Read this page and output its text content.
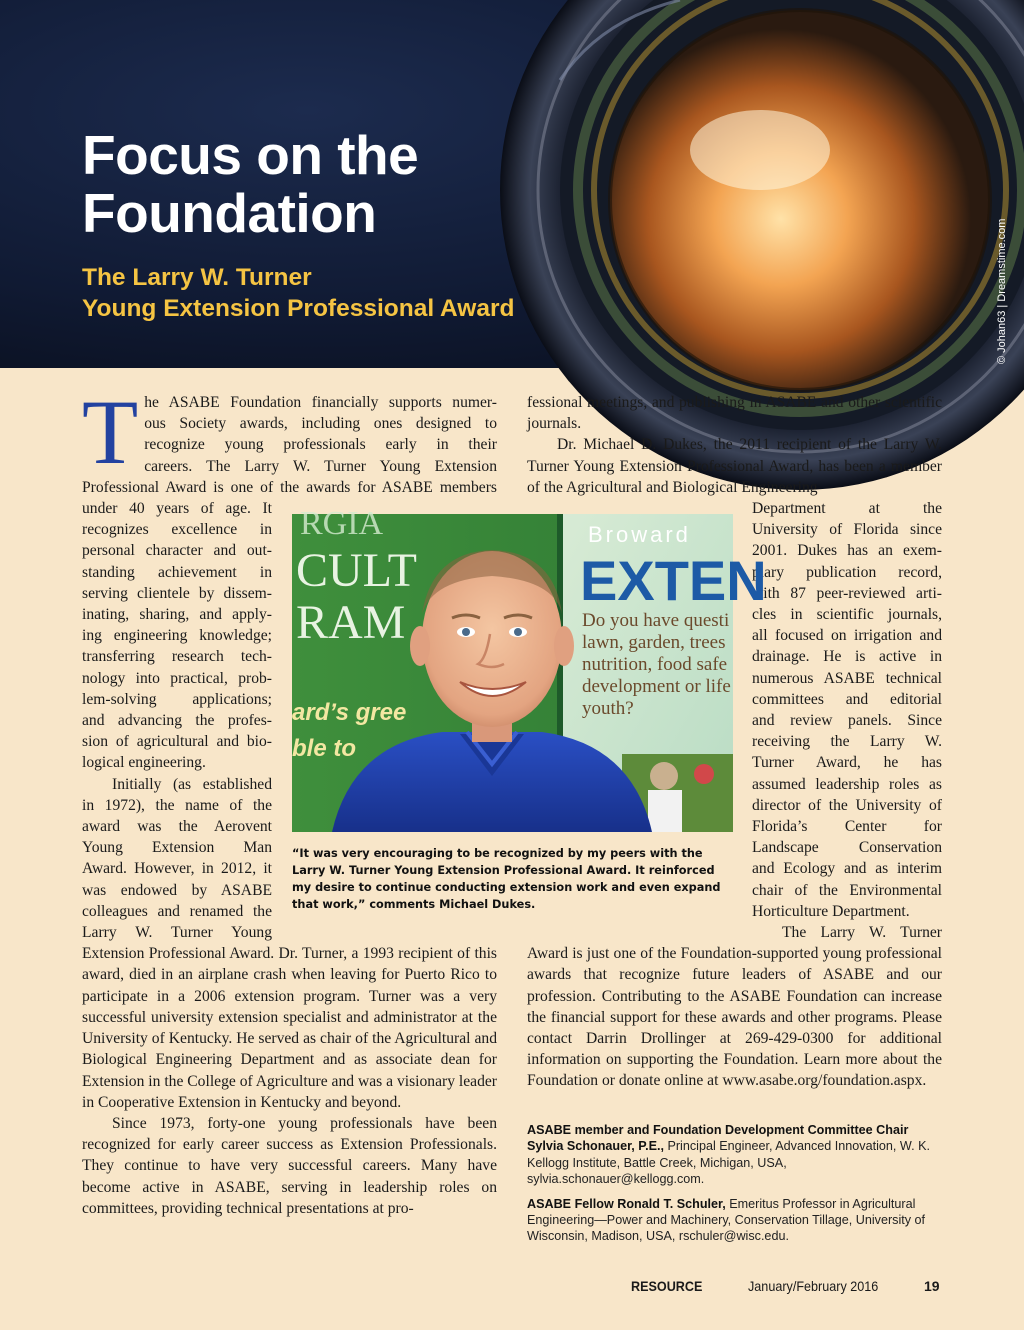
Focus on the
Foundation
The Larry W. Turner
Young Extension Professional Award	© Johan63 | Dreamstime.com
T he ASABE Foundation financially supports numer-
ous Society awards, including ones designed to
recognize young professionals early in their
careers. The Larry W. Turner Young Extension
Professional Award is one of the awards for ASABE members
under 40 years of age. It
recognizes excellence in
personal character and out-
standing achievement in
serving clientele by dissem-
inating, sharing, and apply-
ing engineering knowledge;
transferring research tech-
nology into practical, prob-
lem-solving applications;
and advancing the profes-
sion of agricultural and bio-
logical engineering.
Initially (as established
in 1972), the name of the
award was the Aerovent
Young Extension Man
Award. However, in 2012, it
was endowed by ASABE
colleagues and renamed the
Larry W. Turner Young

Extension Professional Award. Dr. Turner, a 1993 recipient of this award, died in an airplane crash when leaving for Puerto Rico to participate in a 2006 extension program. Turner was a very successful university extension specialist and administrator at the University of Kentucky. He served as chair of the Agricultural and Biological Engineering Department and as associate dean for Extension in the College of Agriculture and was a visionary leader in Cooperative Extension in Kentucky and beyond.

Since 1973, forty-one young professionals have been recognized for early career success as Extension Professionals. They continue to have very successful careers. Many have become active in ASABE, serving in leadership roles on committees, providing technical presentations at pro-

fessional meetings, and publishing in ASABE and other scientific journals.

Dr. Michael D. Dukes, the 2011 recipient of the Larry W. Turner Young Extension Professional Award, has been a member of the Agricultural and Biological Engineering

Department at the
University of Florida since
2001. Dukes has an exem-
plary publication record,
with 87 peer-reviewed arti-
cles in scientific journals,
all focused on irrigation and
drainage. He is active in
numerous ASABE technical
committees and editorial
and review panels. Since
receiving the Larry W.
Turner Award, he has
assumed leadership roles as
director of the University of
Florida’s Center for
Landscape Conservation
and Ecology and as interim
chair of the Environmental
Horticulture Department.
The Larry W. Turner

Award is just one of the Foundation-supported young professional awards that recognize future leaders of ASABE and our profession. Contributing to the ASABE Foundation can increase the financial support for these awards and other programs. Please contact Darrin Drollinger at 269-429-0300 for additional information on supporting the Foundation. Learn more about the Foundation or donate online at www.asabe.org/foundation.aspx.

RGIA
CULT
RAM
ard’s gree
ble to
Broward
EXTEN
Do you have questi
lawn, garden, trees
nutrition, food safe
development or life
youth?

“It was very encouraging to be recognized by my peers with the Larry W. Turner Young Extension Professional Award. It reinforced my desire to continue conducting extension work and even expand that work,” comments Michael Dukes.

ASABE member and Foundation Development Committee Chair Sylvia Schonauer, P.E., Principal Engineer, Advanced Innovation, W. K. Kellogg Institute, Battle Creek, Michigan, USA, sylvia.schonauer@kellogg.com.

ASABE Fellow Ronald T. Schuler, Emeritus Professor in Agricultural Engineering—Power and Machinery, Conservation Tillage, University of Wisconsin, Madison, USA, rschuler@wisc.edu.

RESOURCE	January/February 2016	19
